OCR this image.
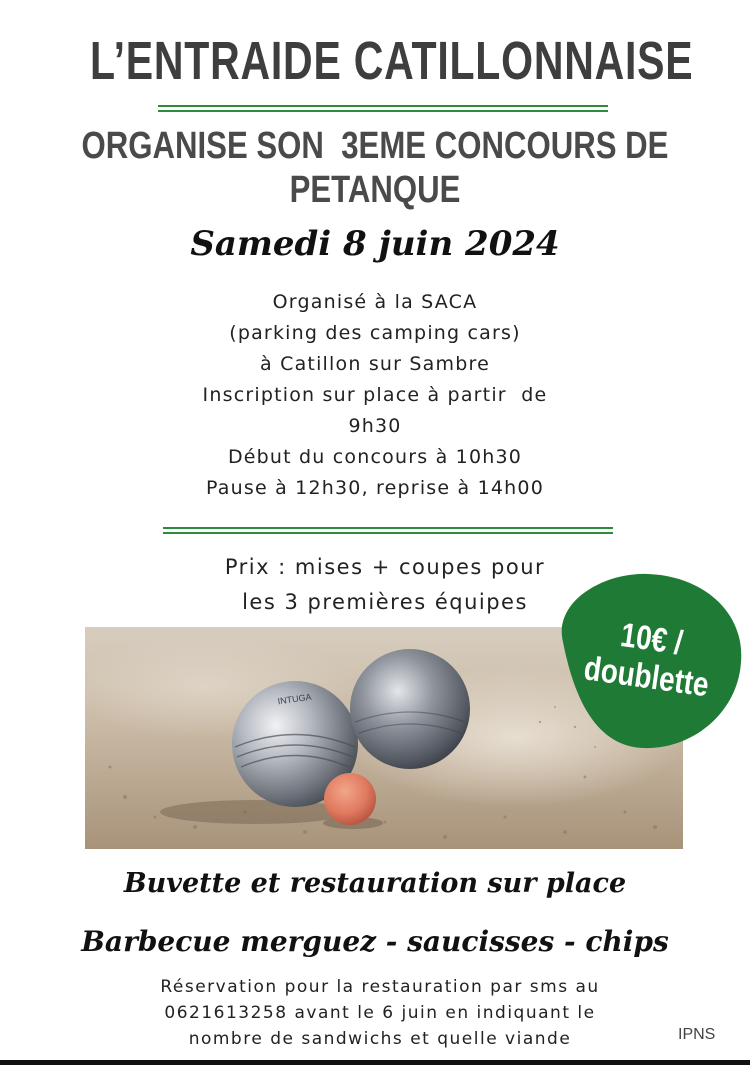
L’ENTRAIDE CATILLONNAISE
ORGANISE SON  3EME CONCOURS DE
PETANQUE
Samedi 8 juin 2024
Organisé à la SACA
(parking des camping cars)
à Catillon sur Sambre
Inscription sur place à partir  de
9h30
Début du concours à 10h30
Pause à 12h30, reprise à 14h00
Prix : mises + coupes pour
les 3 premières équipes
INTUGA
10€ /
doublette
Buvette et restauration sur place
Barbecue merguez - saucisses - chips
Réservation pour la restauration par sms au
0621613258 avant le 6 juin en indiquant le
nombre de sandwichs et quelle viande	IPNS
